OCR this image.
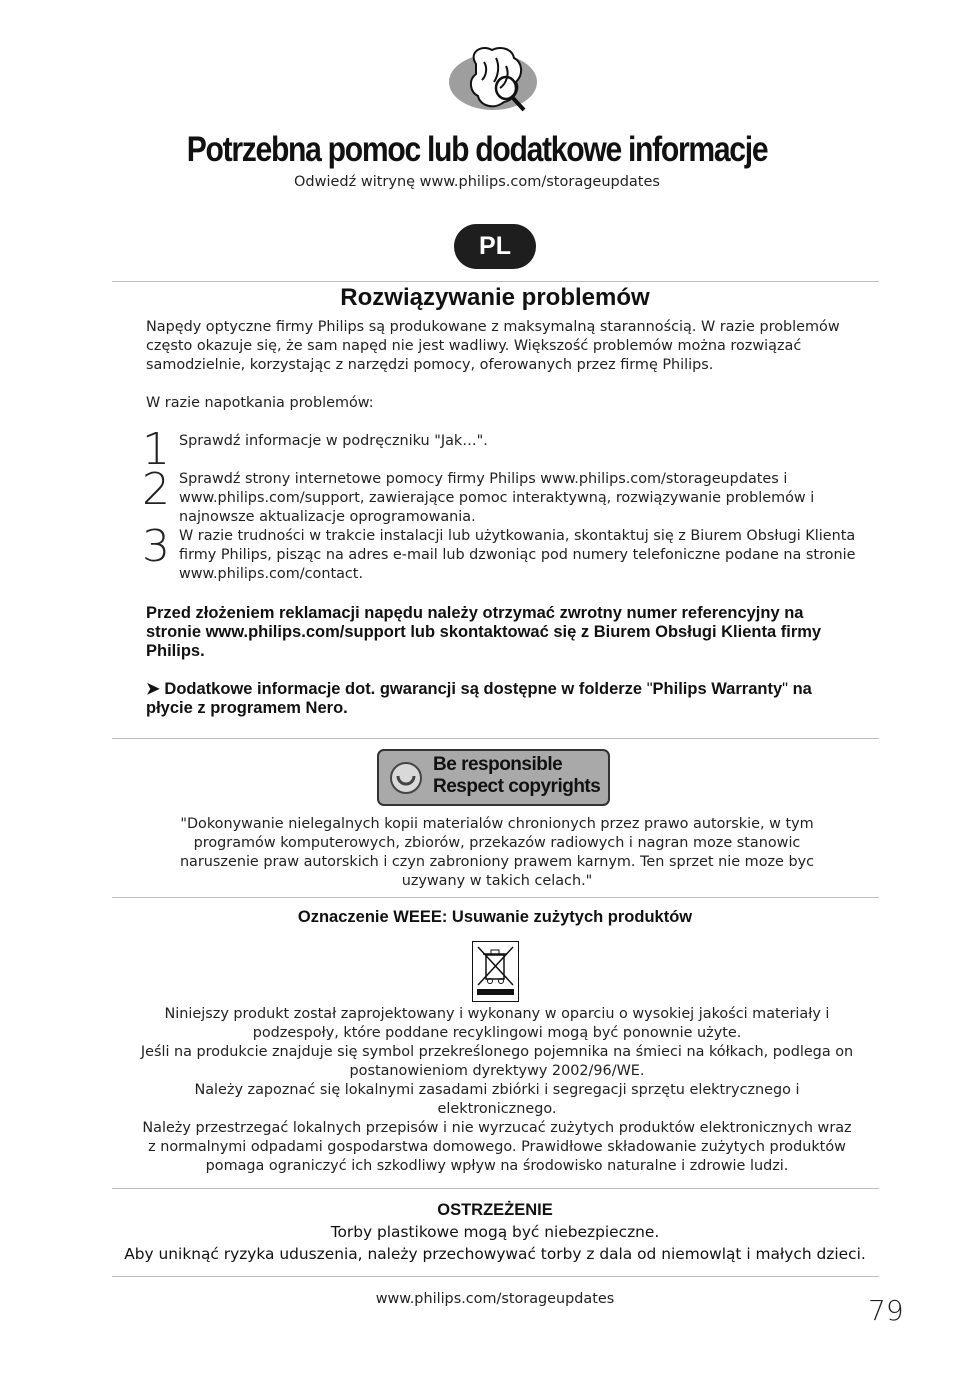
Potrzebna pomoc lub dodatkowe informacje
Odwiedź witrynę www.philips.com/storageupdates
PL
Rozwiązywanie problemów
Napędy optyczne firmy Philips są produkowane z maksymalną starannością. W razie problemów często okazuje się, że sam napęd nie jest wadliwy. Większość problemów można rozwiązać samodzielnie, korzystając z narzędzi pomocy, oferowanych przez firmę Philips.
W razie napotkania problemów:
1 Sprawdź informacje w podręczniku "Jak…".
2 Sprawdź strony internetowe pomocy firmy Philips www.philips.com/storageupdates i www.philips.com/support, zawierające pomoc interaktywną, rozwiązywanie problemów i najnowsze aktualizacje oprogramowania.
3 W razie trudności w trakcie instalacji lub użytkowania, skontaktuj się z Biurem Obsługi Klienta firmy Philips, pisząc na adres e-mail lub dzwoniąc pod numery telefoniczne podane na stronie www.philips.com/contact.
Przed złożeniem reklamacji napędu należy otrzymać zwrotny numer referencyjny na stronie www.philips.com/support lub skontaktować się z Biurem Obsługi Klienta firmy Philips.
➤ Dodatkowe informacje dot. gwarancji są dostępne w folderze "Philips Warranty" na płycie z programem Nero.
Be responsible
Respect copyrights
"Dokonywanie nielegalnych kopii materialów chronionych przez prawo autorskie, w tym programów komputerowych, zbiorów, przekazów radiowych i nagran moze stanowic naruszenie praw autorskich i czyn zabroniony prawem karnym. Ten sprzet nie moze byc uzywany w takich celach."
Oznaczenie WEEE: Usuwanie zużytych produktów
Niniejszy produkt został zaprojektowany i wykonany w oparciu o wysokiej jakości materiały i podzespoły, które poddane recyklingowi mogą być ponownie użyte.
Jeśli na produkcie znajduje się symbol przekreślonego pojemnika na śmieci na kółkach, podlega on postanowieniom dyrektywy 2002/96/WE.
Należy zapoznać się lokalnymi zasadami zbiórki i segregacji sprzętu elektrycznego i elektronicznego.
Należy przestrzegać lokalnych przepisów i nie wyrzucać zużytych produktów elektronicznych wraz z normalnymi odpadami gospodarstwa domowego. Prawidłowe składowanie zużytych produktów pomaga ograniczyć ich szkodliwy wpływ na środowisko naturalne i zdrowie ludzi.
OSTRZEŻENIE
Torby plastikowe mogą być niebezpieczne.
Aby uniknąć ryzyka uduszenia, należy przechowywać torby z dala od niemowląt i małych dzieci.
www.philips.com/storageupdates	79
